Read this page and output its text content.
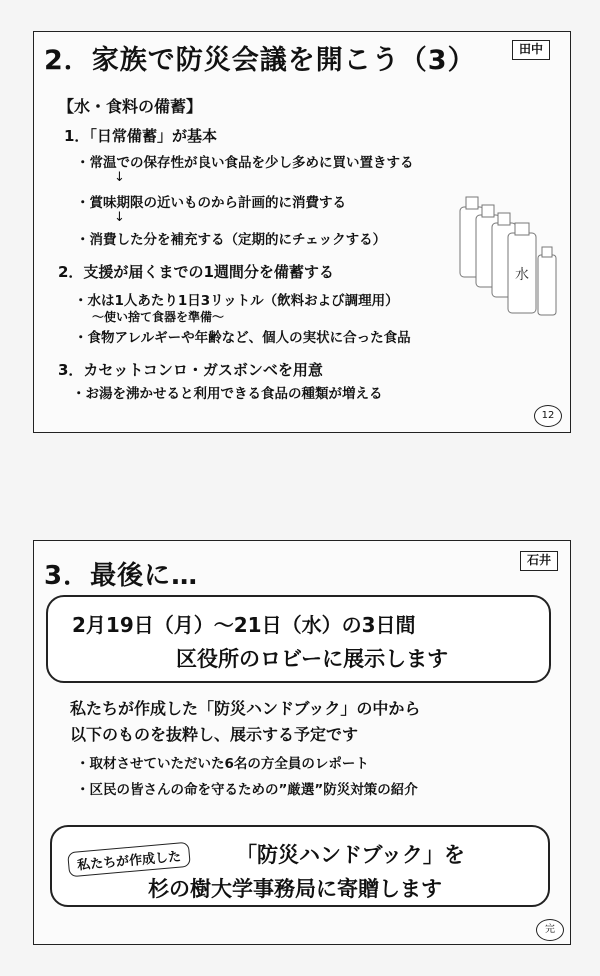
2．家族で防災会議を開こう（3）	田中
【水・食料の備蓄】
1．「日常備蓄」が基本
・常温での保存性が良い食品を少し多めに買い置きする
↓
・賞味期限の近いものから計画的に消費する
↓
・消費した分を補充する（定期的にチェックする）
2．支援が届くまでの1週間分を備蓄する
・水は1人あたり1日3リットル（飲料および調理用）
〜使い捨て食器を準備〜
・食物アレルギーや年齢など、個人の実状に合った食品
3．カセットコンロ・ガスボンベを用意
・お湯を沸かせると利用できる食品の種類が増える
水
12
3．最後に…
石井
2月19日（月）〜21日（水）の3日間
区役所のロビーに展示します
私たちが作成した「防災ハンドブック」の中から
以下のものを抜粋し、展示する予定です
・取材させていただいた6名の方全員のレポート
・区民の皆さんの命を守るための”厳選”防災対策の紹介
私たちが作成した	「防災ハンドブック」を
杉の樹大学事務局に寄贈します
完
